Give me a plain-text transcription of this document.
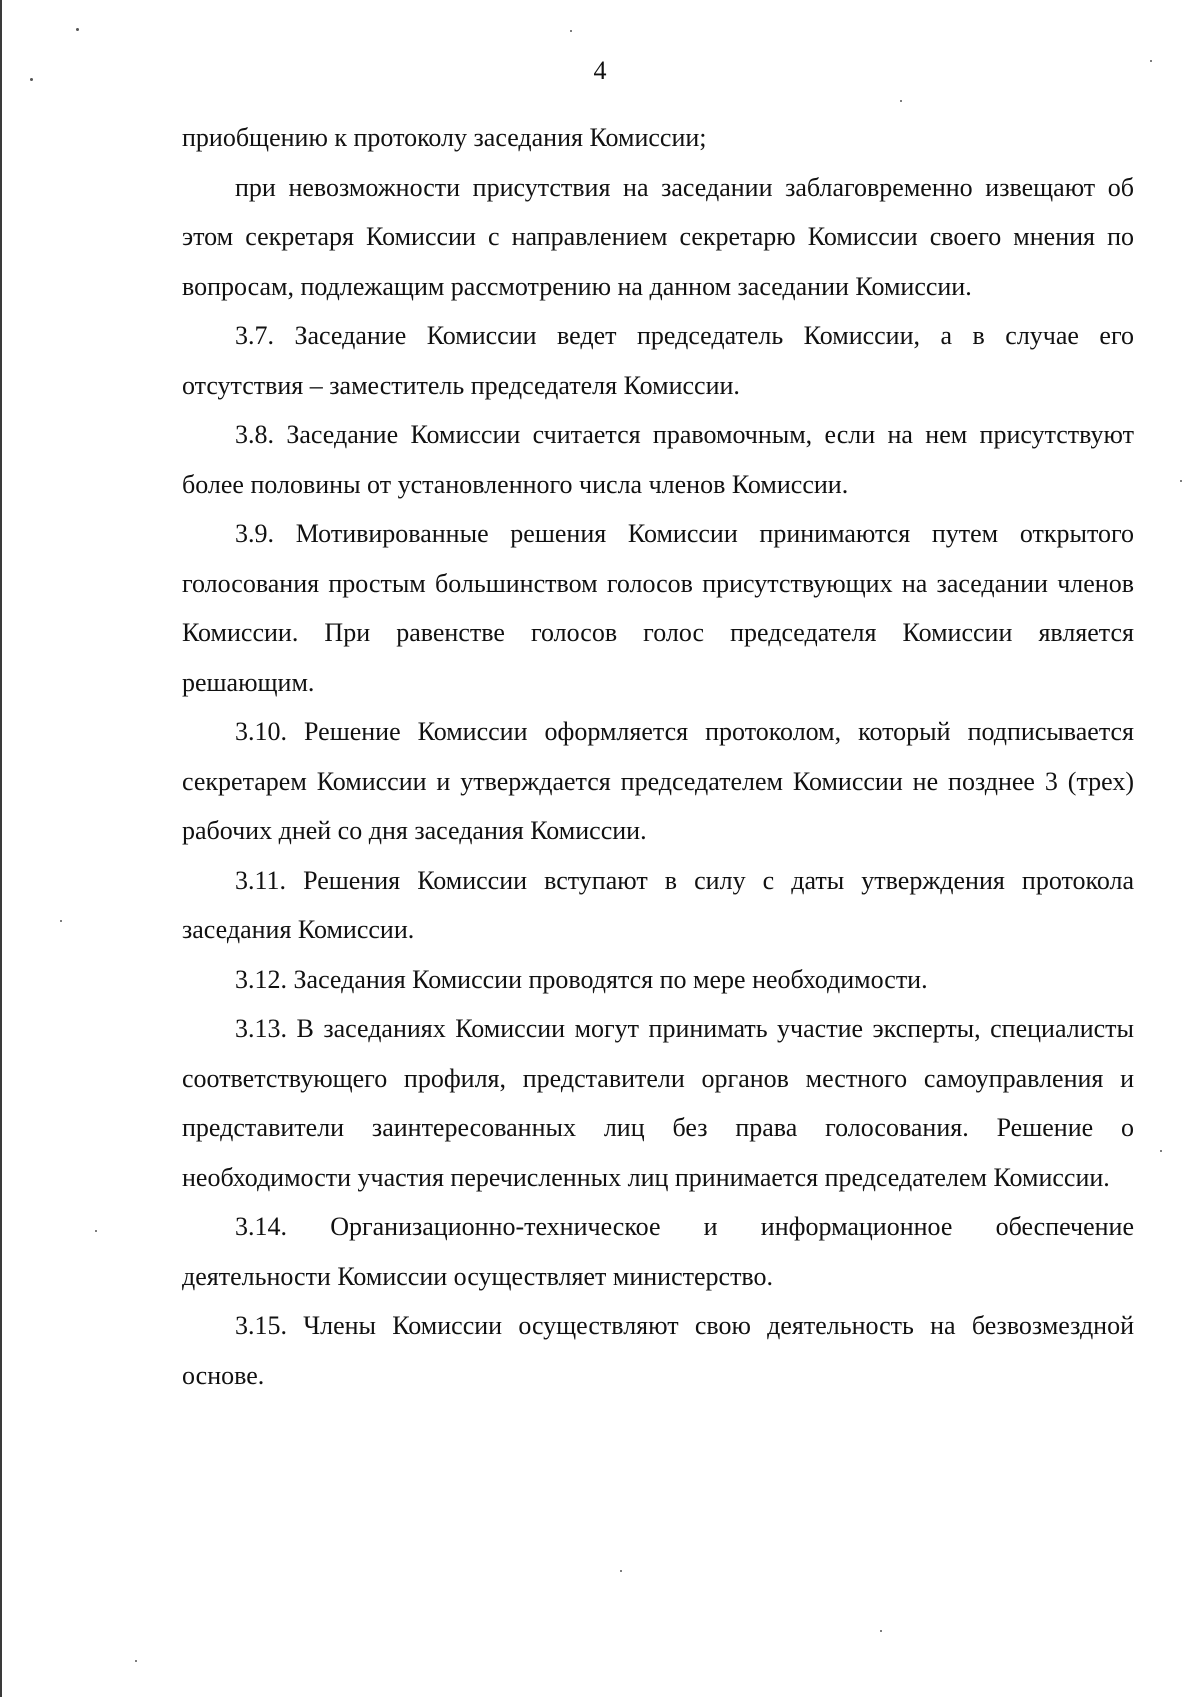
4

приобщению к протоколу заседания Комиссии;

при невозможности присутствия на заседании заблаговременно извещают об этом секретаря Комиссии с направлением секретарю Комиссии своего мнения по вопросам, подлежащим рассмотрению на данном заседании Комиссии.

3.7. Заседание Комиссии ведет председатель Комиссии, а в случае его отсутствия – заместитель председателя Комиссии.

3.8. Заседание Комиссии считается правомочным, если на нем присутствуют более половины от установленного числа членов Комиссии.

3.9. Мотивированные решения Комиссии принимаются путем открытого голосования простым большинством голосов присутствующих на заседании членов Комиссии. При равенстве голосов голос председателя Комиссии является решающим.

3.10. Решение Комиссии оформляется протоколом, который подписывается секретарем Комиссии и утверждается председателем Комиссии не позднее 3 (трех) рабочих дней со дня заседания Комиссии.

3.11. Решения Комиссии вступают в силу с даты утверждения протокола заседания Комиссии.

3.12. Заседания Комиссии проводятся по мере необходимости.

3.13. В заседаниях Комиссии могут принимать участие эксперты, специалисты соответствующего профиля, представители органов местного самоуправления и представители заинтересованных лиц без права голосования. Решение о необходимости участия перечисленных лиц принимается председателем Комиссии.

3.14. Организационно-техническое и информационное обеспечение деятельности Комиссии осуществляет министерство.

3.15. Члены Комиссии осуществляют свою деятельность на безвозмездной основе.
